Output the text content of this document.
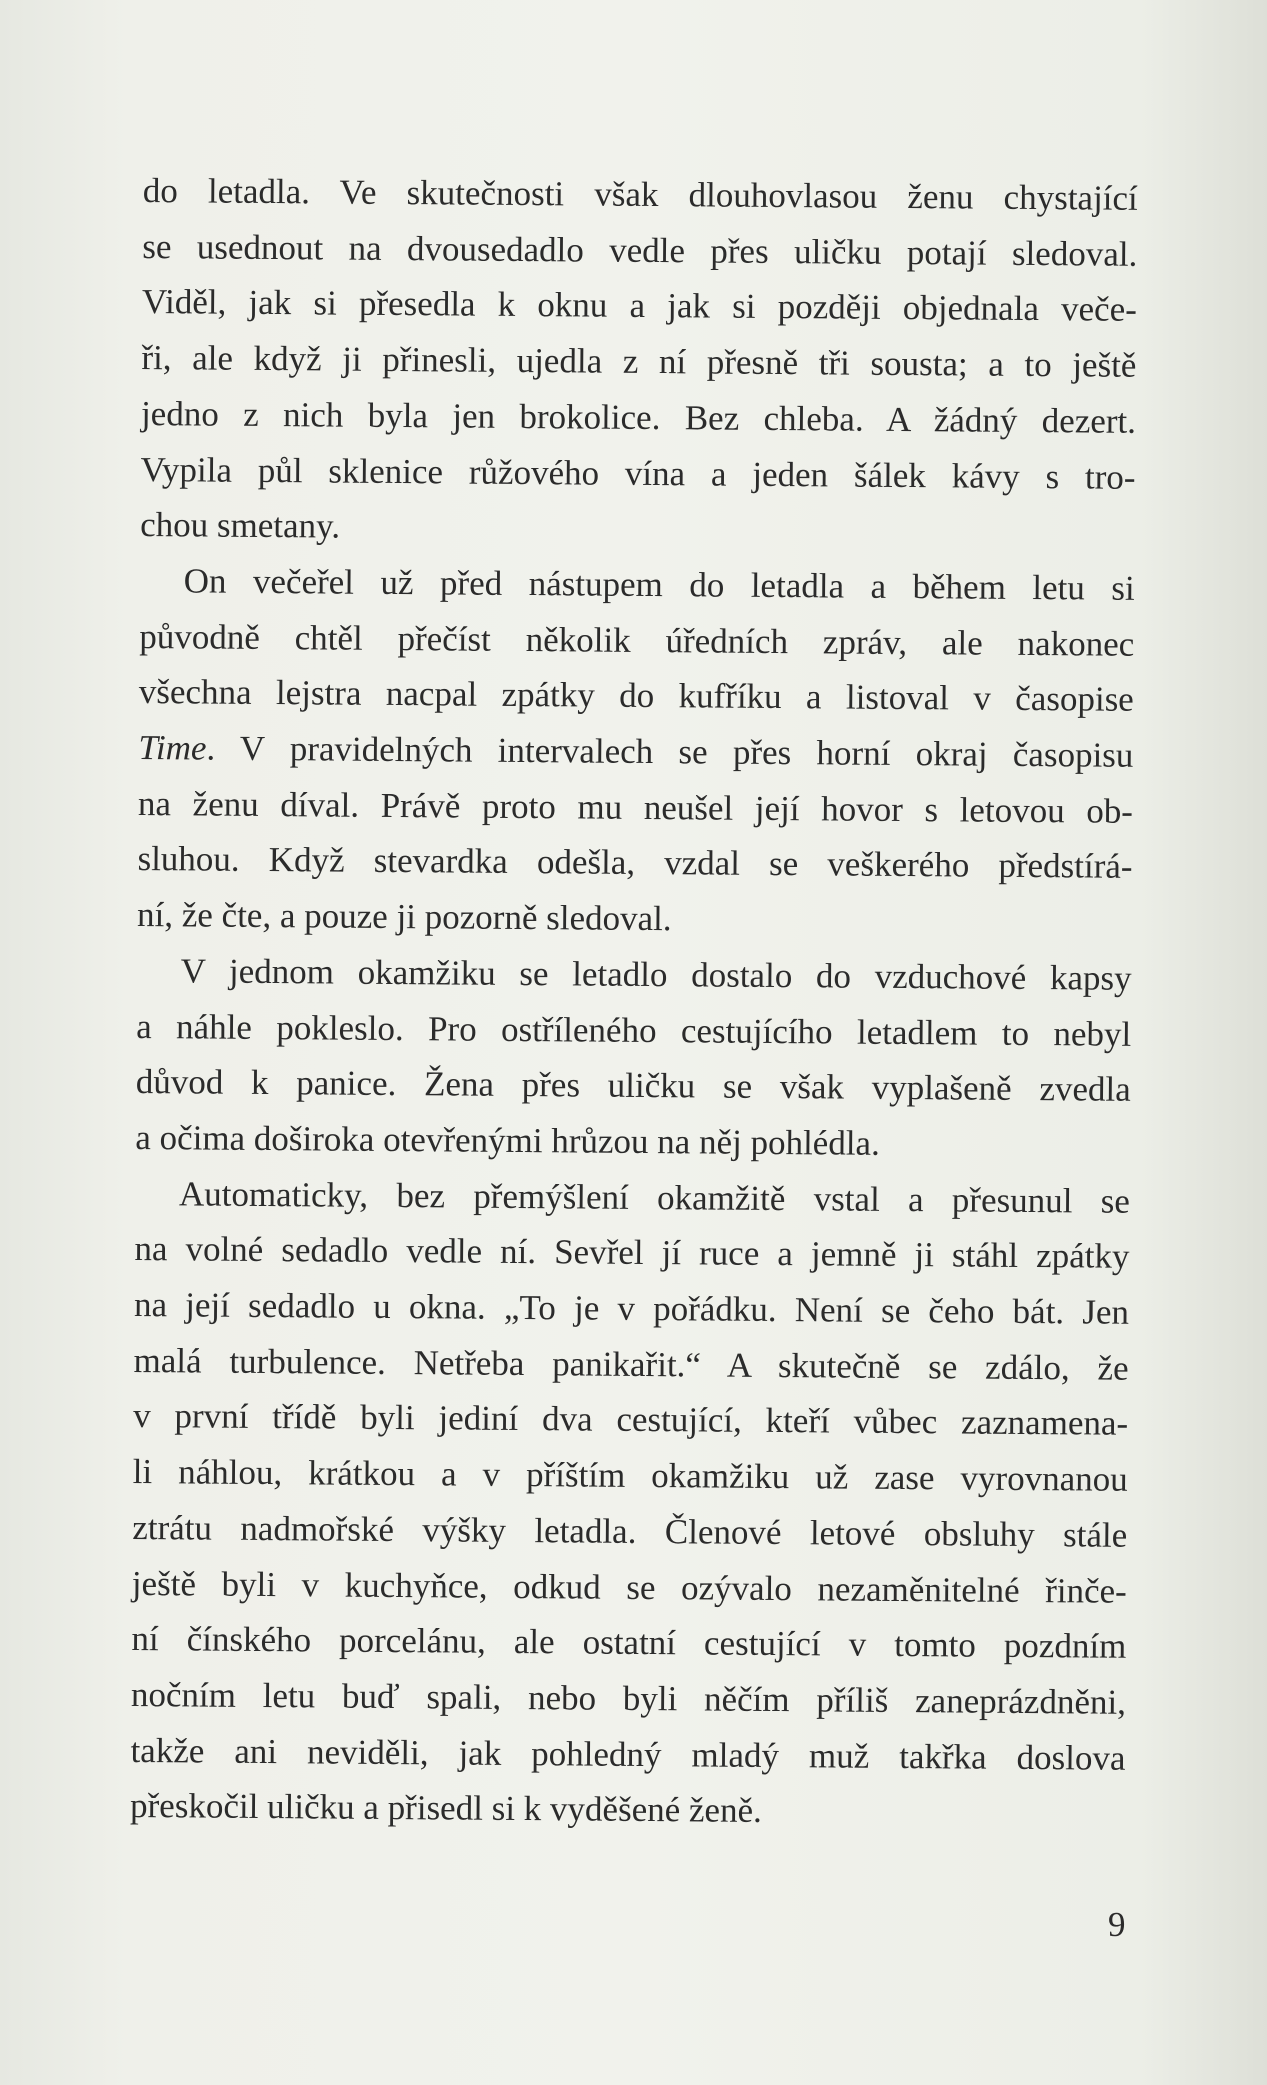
do letadla. Ve skutečnosti však dlouhovlasou ženu chystající
se usednout na dvousedadlo vedle přes uličku potají sledoval.
Viděl, jak si přesedla k oknu a jak si později objednala veče-
ři, ale když ji přinesli, ujedla z ní přesně tři sousta; a to ještě
jedno z nich byla jen brokolice. Bez chleba. A žádný dezert.
Vypila půl sklenice růžového vína a jeden šálek kávy s tro-
chou smetany.
On večeřel už před nástupem do letadla a během letu si
původně chtěl přečíst několik úředních zpráv, ale nakonec
všechna lejstra nacpal zpátky do kufříku a listoval v časopise
Time. V pravidelných intervalech se přes horní okraj časopisu
na ženu díval. Právě proto mu neušel její hovor s letovou ob-
sluhou. Když stevardka odešla, vzdal se veškerého předstírá-
ní, že čte, a pouze ji pozorně sledoval.
V jednom okamžiku se letadlo dostalo do vzduchové kapsy
a náhle pokleslo. Pro ostříleného cestujícího letadlem to nebyl
důvod k panice. Žena přes uličku se však vyplašeně zvedla
a očima doširoka otevřenými hrůzou na něj pohlédla.
Automaticky, bez přemýšlení okamžitě vstal a přesunul se
na volné sedadlo vedle ní. Sevřel jí ruce a jemně ji stáhl zpátky
na její sedadlo u okna. „To je v pořádku. Není se čeho bát. Jen
malá turbulence. Netřeba panikařit.“ A skutečně se zdálo, že
v první třídě byli jediní dva cestující, kteří vůbec zaznamena-
li náhlou, krátkou a v příštím okamžiku už zase vyrovnanou
ztrátu nadmořské výšky letadla. Členové letové obsluhy stále
ještě byli v kuchyňce, odkud se ozývalo nezaměnitelné řinče-
ní čínského porcelánu, ale ostatní cestující v tomto pozdním
nočním letu buď spali, nebo byli něčím příliš zaneprázdněni,
takže ani neviděli, jak pohledný mladý muž takřka doslova
přeskočil uličku a přisedl si k vyděšené ženě.
9
